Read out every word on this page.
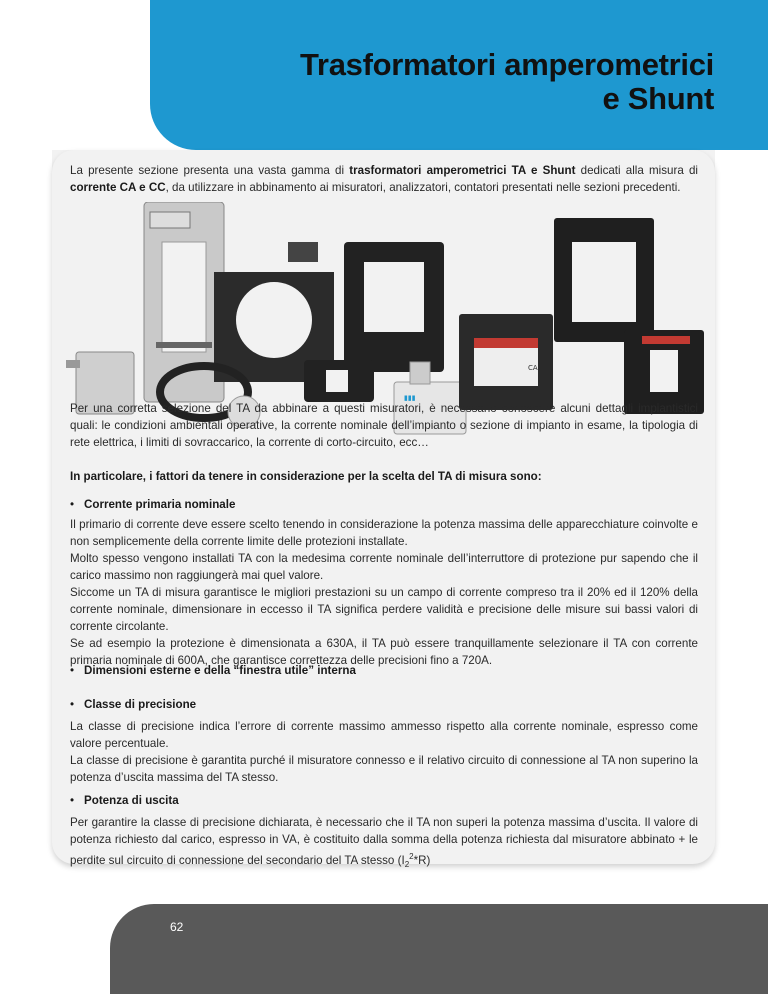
Trasformatori amperometrici
e Shunt
La presente sezione presenta una vasta gamma di trasformatori amperometrici TA e Shunt dedicati alla misura di corrente CA e CC, da utilizzare in abbinamento ai misuratori, analizzatori, contatori presentati nelle sezioni precedenti.
▮▮▮
CA
Per una corretta selezione del TA da abbinare a questi misuratori, è necessario conoscere alcuni dettagli impiantistici quali: le condizioni ambientali operative, la corrente nominale dell’impianto o sezione di impianto in esame, la tipologia di rete elettrica, i limiti di sovraccarico, la corrente di corto-circuito, ecc…
In particolare, i fattori da tenere in considerazione per la scelta del TA di misura sono:
• Corrente primaria nominale
Il primario di corrente deve essere scelto tenendo in considerazione la potenza massima delle apparecchiature coinvolte e non semplicemente della corrente limite delle protezioni installate.
Molto spesso vengono installati TA con la medesima corrente nominale dell’interruttore di protezione pur sapendo che il carico massimo non raggiungerà mai quel valore.
Siccome un TA di misura garantisce le migliori prestazioni su un campo di corrente compreso tra il 20% ed il 120% della corrente nominale, dimensionare in eccesso il TA significa perdere validità e precisione delle misure sui bassi valori di corrente circolante.
Se ad esempio la protezione è dimensionata a 630A, il TA può essere tranquillamente selezionare il TA con corrente primaria nominale di 600A, che garantisce correttezza delle precisioni fino a 720A.
• Dimensioni esterne e della “finestra utile” interna
• Classe di precisione
La classe di precisione indica l’errore di corrente massimo ammesso rispetto alla corrente nominale, espresso come valore percentuale.
La classe di precisione è garantita purché il misuratore connesso e il relativo circuito di connessione al TA non superino la potenza d’uscita massima del TA stesso.
• Potenza di uscita
Per garantire la classe di precisione dichiarata, è necessario che il TA non superi la potenza massima d’uscita. Il valore di potenza richiesto dal carico, espresso in VA, è costituito dalla somma della potenza richiesta dal misuratore abbinato + le perdite sul circuito di connessione del secondario del TA stesso $(I_2^2*R)$
62
